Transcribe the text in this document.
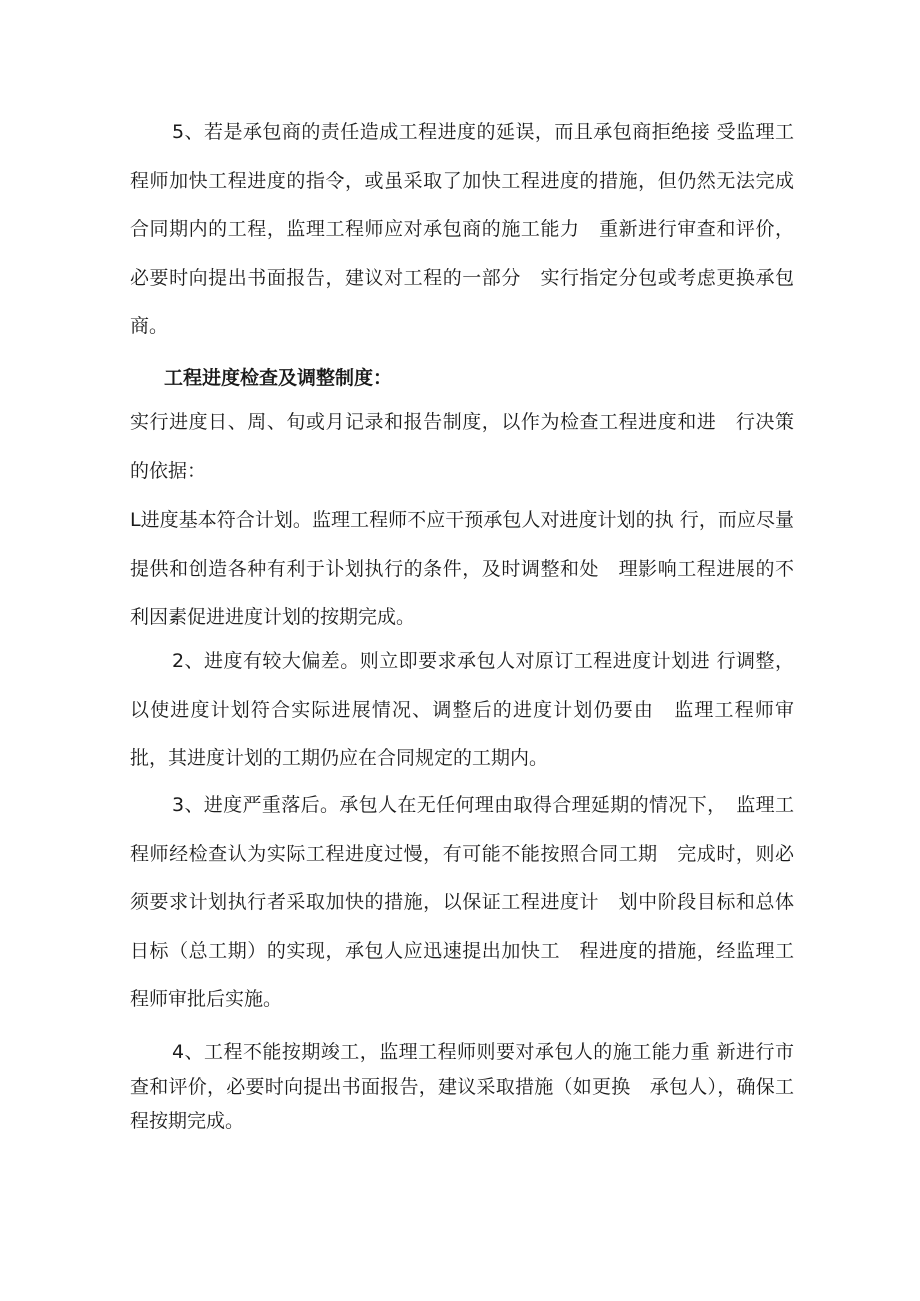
5、若是承包商的责任造成工程进度的延误，而且承包商拒绝接 受监理工程师加快工程进度的指令，或虽采取了加快工程进度的措施，但仍然无法完成合同期内的工程，监理工程师应对承包商的施工能力　重新进行审查和评价，必要时向提出书面报告，建议对工程的一部分　实行指定分包或考虑更换承包商。

工程进度检查及调整制度：

实行进度日、周、旬或月记录和报告制度，以作为检查工程进度和进　行决策的依据：

L进度基本符合计划。监理工程师不应干预承包人对进度计划的执 行，而应尽量提供和创造各种有利于讣划执行的条件，及时调整和处　理影响工程进展的不利因素促进进度计划的按期完成。

2、进度有较大偏差。则立即要求承包人对原订工程进度计划进 行调整，以使进度计划符合实际进展情况、调整后的进度计划仍要由　监理工程师审批，其进度计划的工期仍应在合同规定的工期内。

3、进度严重落后。承包人在无任何理由取得合理延期的情况下，　监理工程师经检查认为实际工程进度过慢，有可能不能按照合同工期　完成时，则必须要求计划执行者采取加快的措施，以保证工程进度计　划中阶段目标和总体日标（总工期）的实现，承包人应迅速提出加快工　程进度的措施，经监理工程师审批后实施。

4、工程不能按期竣工，监理工程师则要对承包人的施工能力重 新进行市查和评价，必要时向提出书面报告，建议采取措施（如更换　承包人），确保工程按期完成。
